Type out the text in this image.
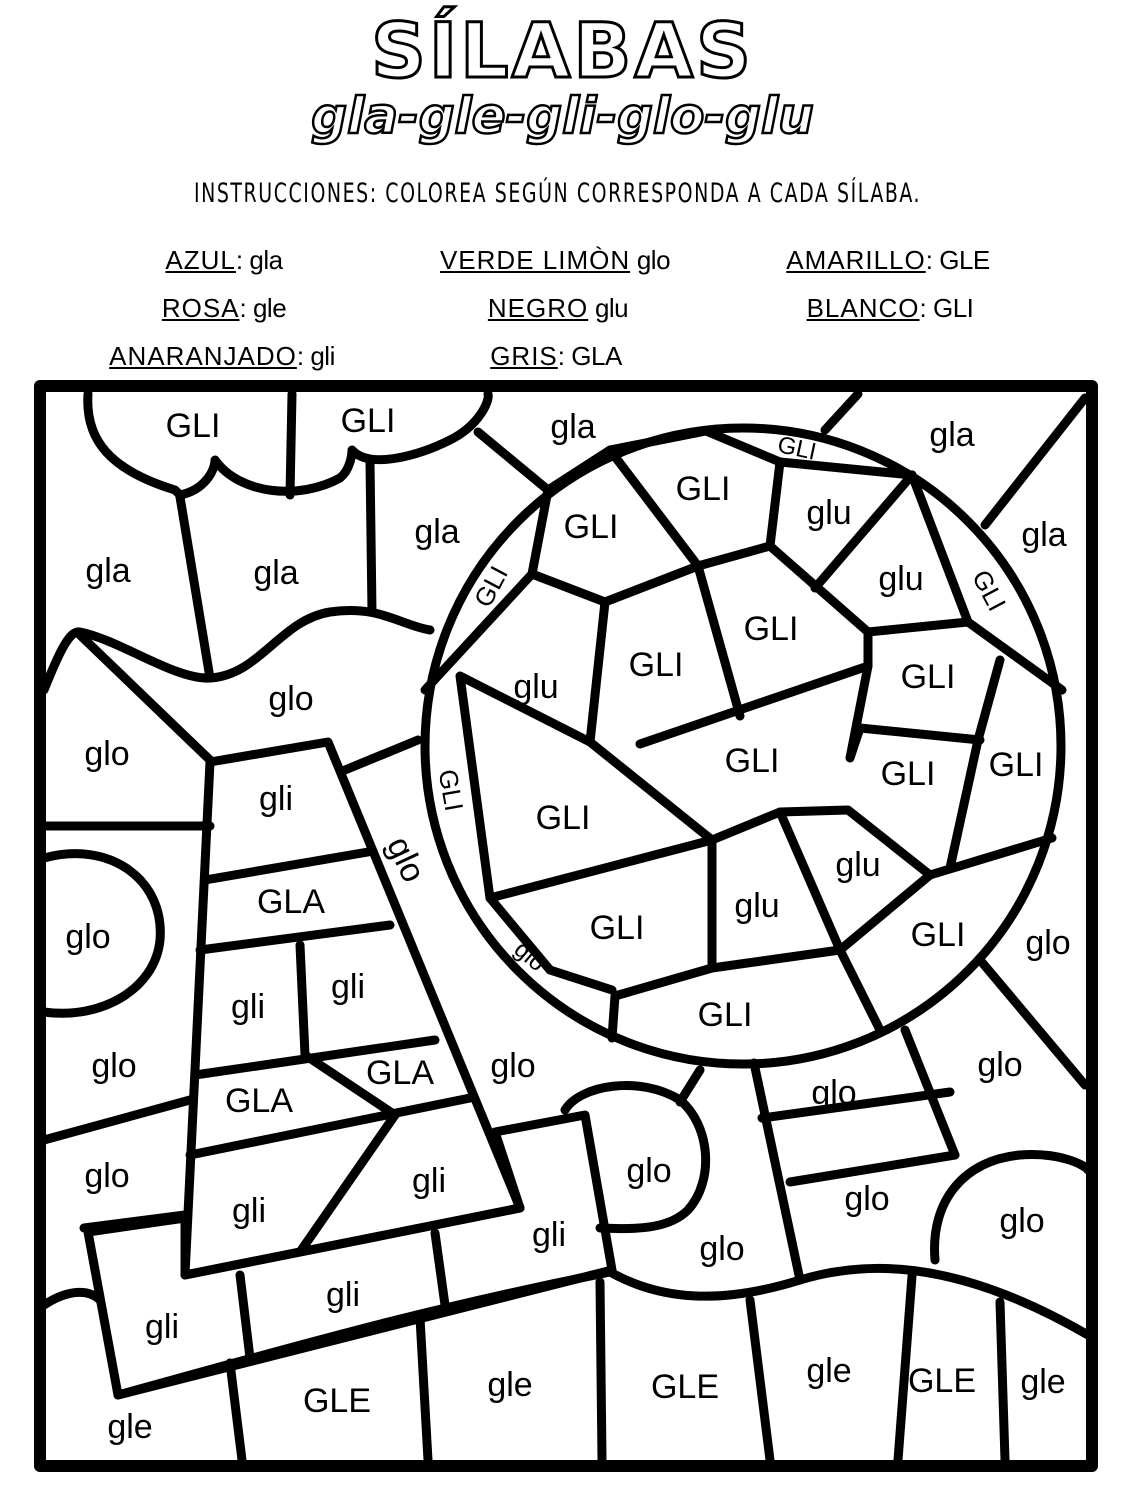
SÍLABAS
gla-gle-gli-glo-glu
INSTRUCCIONES: COLOREA SEGÚN CORRESPONDA A CADA SÍLABA.
AZUL: gla	VERDE LIMÒN glo	AMARILLO: GLE
ROSA: gle	NEGRO glu	BLANCO: GLI
ANARANJADO: gli	GRIS: GLA
GLI	GLI	gla	gla
gla	gla
gla	gla
GLI
GLI
glu
GLI
GLI	GLI
glu
GLI
GLI
glu	GLI
GLI	GLI
GLI
GLI
GLI
glu
glu
GLI	GLI
GLI
glo
glo
glo
glo
glo	glo
glo	glo	glo
glo
glo	glo
glo
glo
glo
gli
GLA
gli
gli
GLA
GLA
gli
gli
gli
gli
gli
gle
GLE	gle	GLE	gle GLE gle
